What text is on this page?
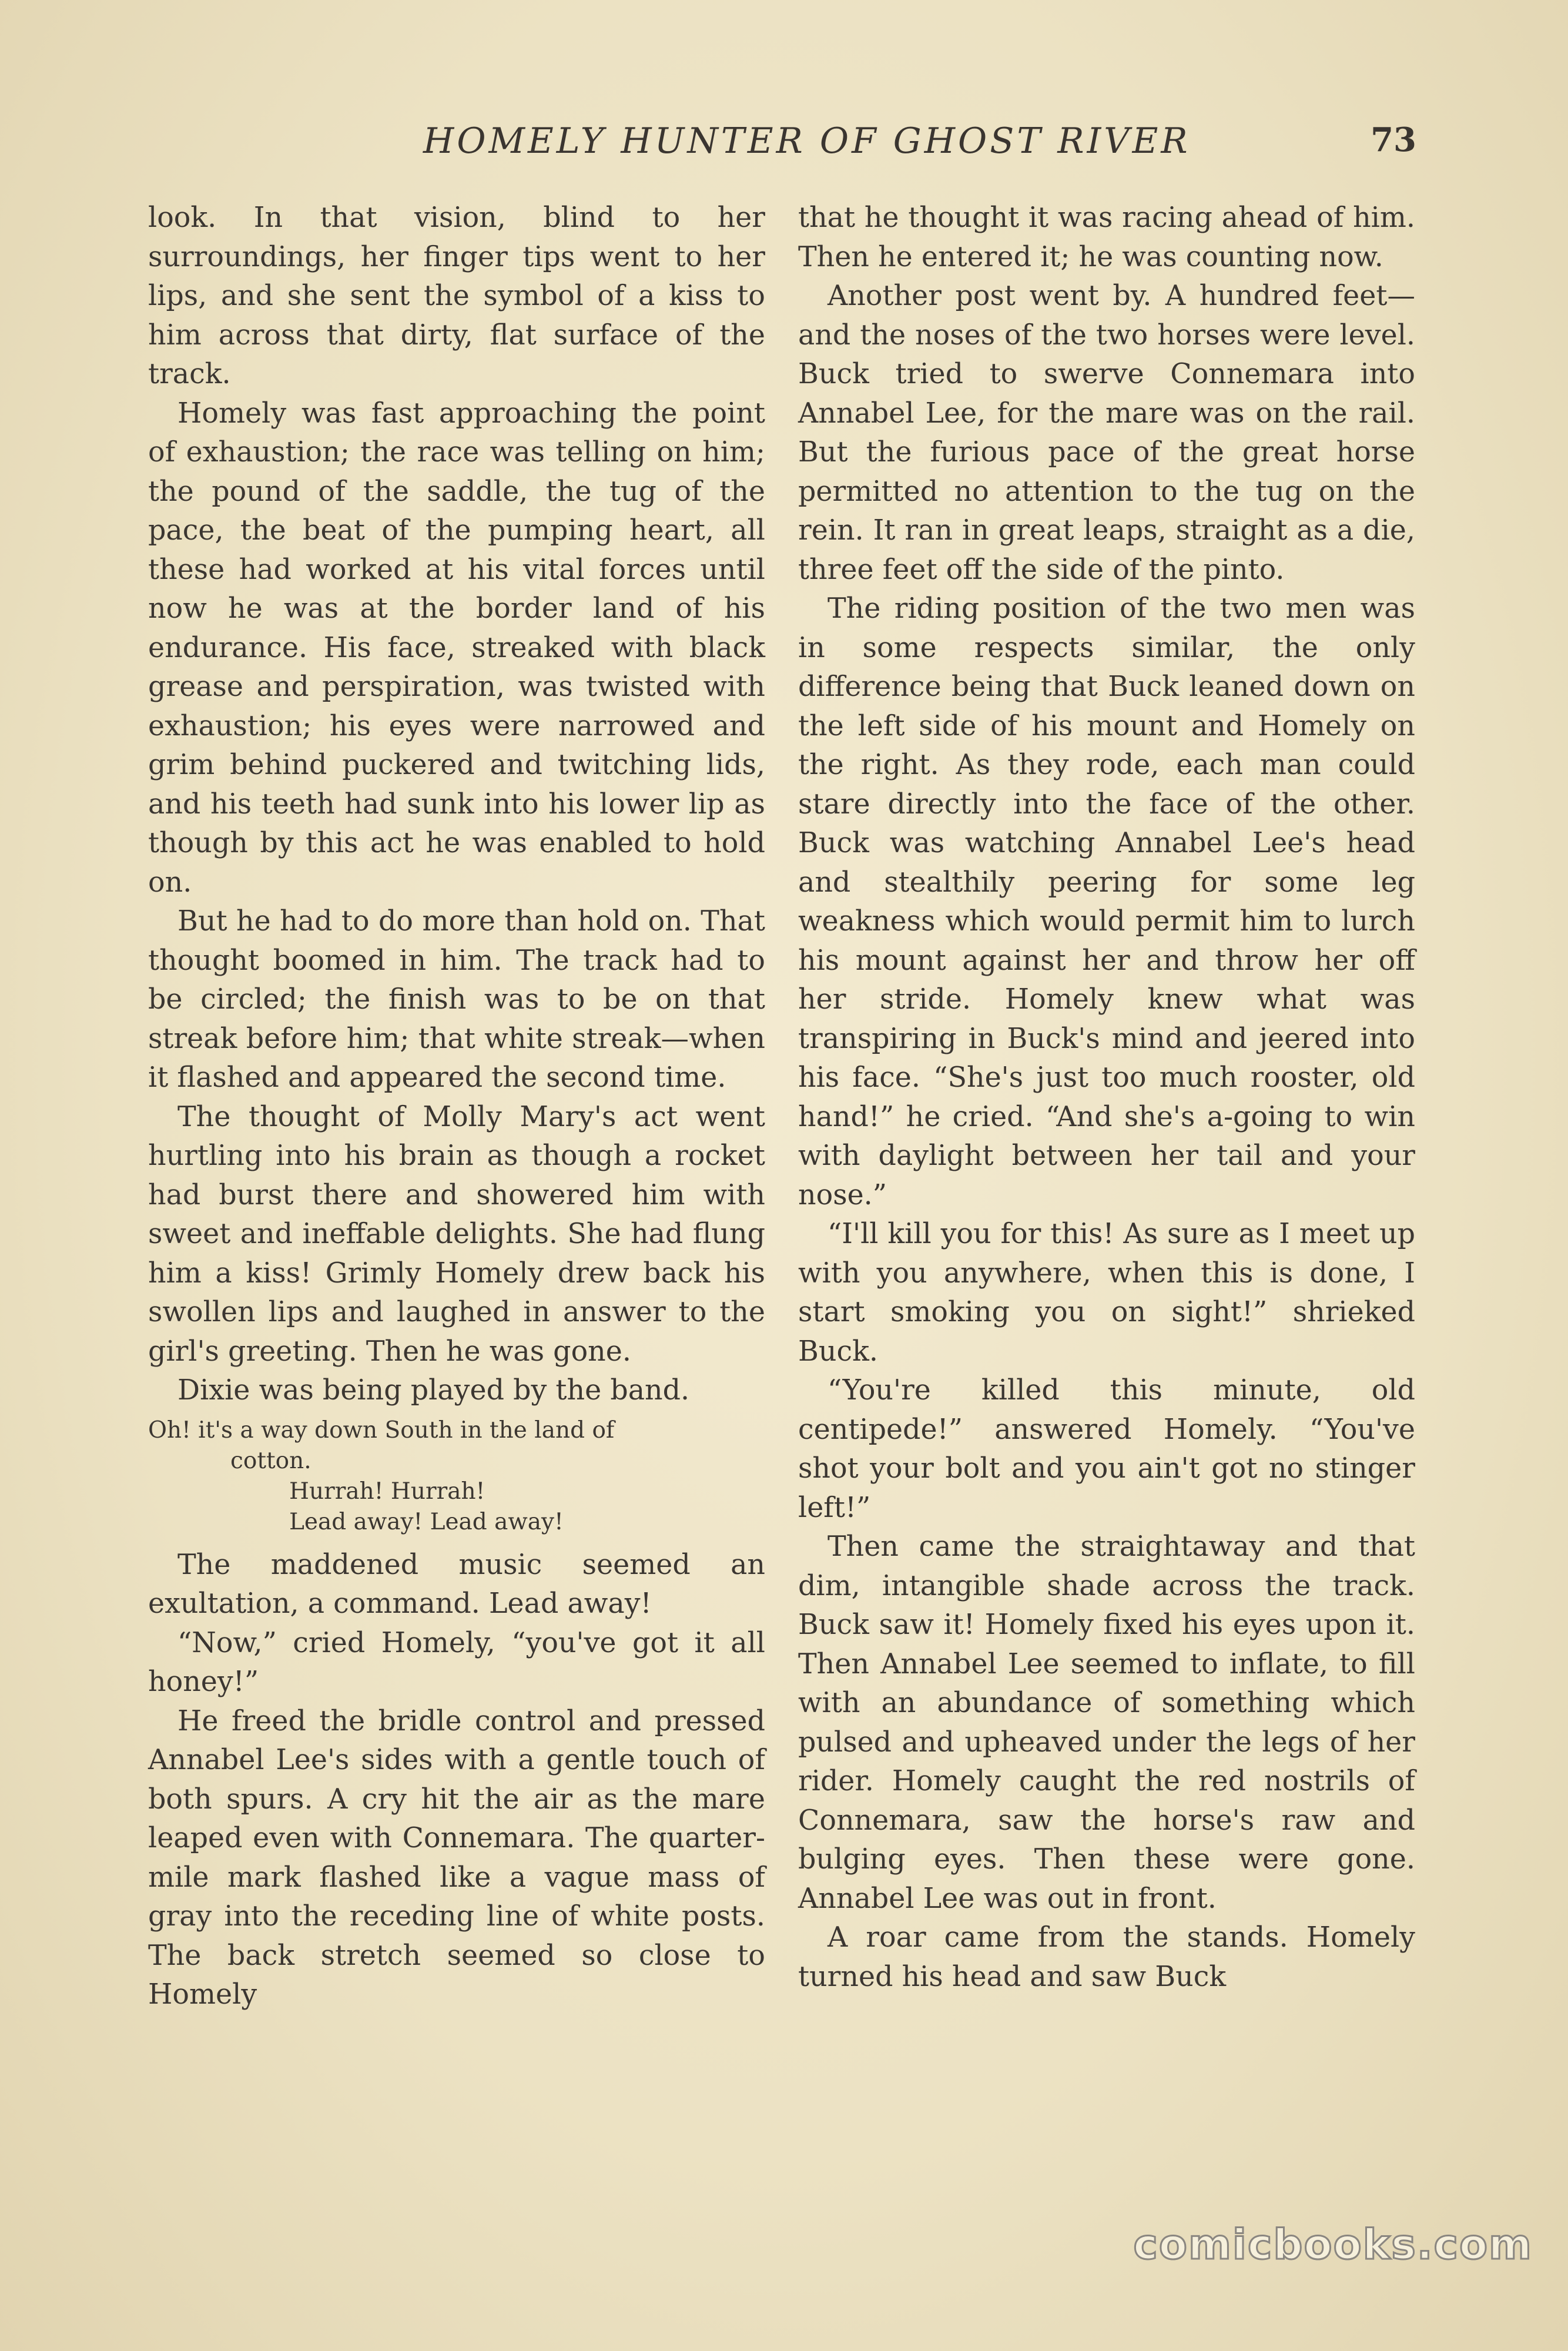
HOMELY HUNTER OF GHOST RIVER	73

look. In that vision, blind to her surroundings, her finger tips went to her lips, and she sent the symbol of a kiss to him across that dirty, flat surface of the track.

Homely was fast approaching the point of exhaustion; the race was telling on him; the pound of the saddle, the tug of the pace, the beat of the pumping heart, all these had worked at his vital forces until now he was at the border land of his endurance. His face, streaked with black grease and perspiration, was twisted with exhaustion; his eyes were narrowed and grim behind puckered and twitching lids, and his teeth had sunk into his lower lip as though by this act he was enabled to hold on.

But he had to do more than hold on. That thought boomed in him. The track had to be circled; the finish was to be on that streak before him; that white streak—when it flashed and appeared the second time.

The thought of Molly Mary's act went hurtling into his brain as though a rocket had burst there and showered him with sweet and ineffable delights. She had flung him a kiss! Grimly Homely drew back his swollen lips and laughed in answer to the girl's greeting. Then he was gone.

Dixie was being played by the band.

Oh! it's a way down South in the land of
cotton.
Hurrah! Hurrah!
Lead away! Lead away!

The maddened music seemed an exultation, a command. Lead away!

“Now,” cried Homely, “you've got it all honey!”

He freed the bridle control and pressed Annabel Lee's sides with a gentle touch of both spurs. A cry hit the air as the mare leaped even with Connemara. The quarter-mile mark flashed like a vague mass of gray into the receding line of white posts. The back stretch seemed so close to Homely

that he thought it was racing ahead of him. Then he entered it; he was counting now.

Another post went by. A hundred feet—and the noses of the two horses were level. Buck tried to swerve Connemara into Annabel Lee, for the mare was on the rail. But the furious pace of the great horse permitted no attention to the tug on the rein. It ran in great leaps, straight as a die, three feet off the side of the pinto.

The riding position of the two men was in some respects similar, the only difference being that Buck leaned down on the left side of his mount and Homely on the right. As they rode, each man could stare directly into the face of the other. Buck was watching Annabel Lee's head and stealthily peering for some leg weakness which would permit him to lurch his mount against her and throw her off her stride. Homely knew what was transpiring in Buck's mind and jeered into his face. “She's just too much rooster, old hand!” he cried. “And she's a-going to win with daylight between her tail and your nose.”

“I'll kill you for this! As sure as I meet up with you anywhere, when this is done, I start smoking you on sight!” shrieked Buck.

“You're killed this minute, old centipede!” answered Homely. “You've shot your bolt and you ain't got no stinger left!”

Then came the straightaway and that dim, intangible shade across the track. Buck saw it! Homely fixed his eyes upon it. Then Annabel Lee seemed to inflate, to fill with an abundance of something which pulsed and upheaved under the legs of her rider. Homely caught the red nostrils of Connemara, saw the horse's raw and bulging eyes. Then these were gone. Annabel Lee was out in front.

A roar came from the stands. Homely turned his head and saw Buck

comicbooks.com
